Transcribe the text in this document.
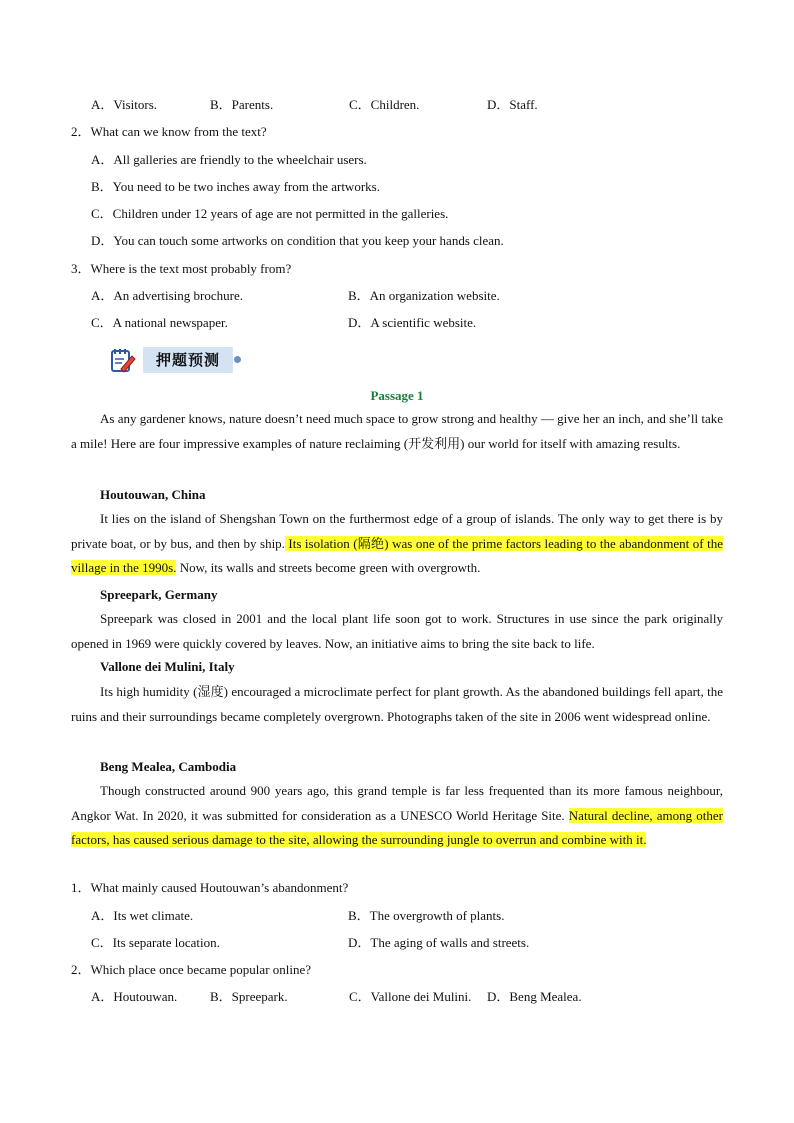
A．Visitors.	B．Parents.	C．Children.	D．Staff.
2．What can we know from the text?
A．All galleries are friendly to the wheelchair users.
B．You need to be two inches away from the artworks.
C．Children under 12 years of age are not permitted in the galleries.
D．You can touch some artworks on condition that you keep your hands clean.
3．Where is the text most probably from?
A．An advertising brochure.	B．An organization website.
C．A national newspaper.	D．A scientific website.
押题预测
Passage 1
As any gardener knows, nature doesn’t need much space to grow strong and healthy — give her an inch, and she’ll take a mile! Here are four impressive examples of nature reclaiming (开发利用) our world for itself with amazing results.
Houtouwan, China
It lies on the island of Shengshan Town on the furthermost edge of a group of islands. The only way to get there is by private boat, or by bus, and then by ship. Its isolation (隔绝) was one of the prime factors leading to the abandonment of the village in the 1990s. Now, its walls and streets become green with overgrowth.
Spreepark, Germany
Spreepark was closed in 2001 and the local plant life soon got to work. Structures in use since the park originally opened in 1969 were quickly covered by leaves. Now, an initiative aims to bring the site back to life.
Vallone dei Mulini, Italy
Its high humidity (湿度) encouraged a microclimate perfect for plant growth. As the abandoned buildings fell apart, the ruins and their surroundings became completely overgrown. Photographs taken of the site in 2006 went widespread online.
Beng Mealea, Cambodia
Though constructed around 900 years ago, this grand temple is far less frequented than its more famous neighbour, Angkor Wat. In 2020, it was submitted for consideration as a UNESCO World Heritage Site. Natural decline, among other factors, has caused serious damage to the site, allowing the surrounding jungle to overrun and combine with it.
1．What mainly caused Houtouwan’s abandonment?
A．Its wet climate.	B．The overgrowth of plants.
C．Its separate location.	D．The aging of walls and streets.
2．Which place once became popular online?
A．Houtouwan.	B．Spreepark.	C．Vallone dei Mulini. D．Beng Mealea.
